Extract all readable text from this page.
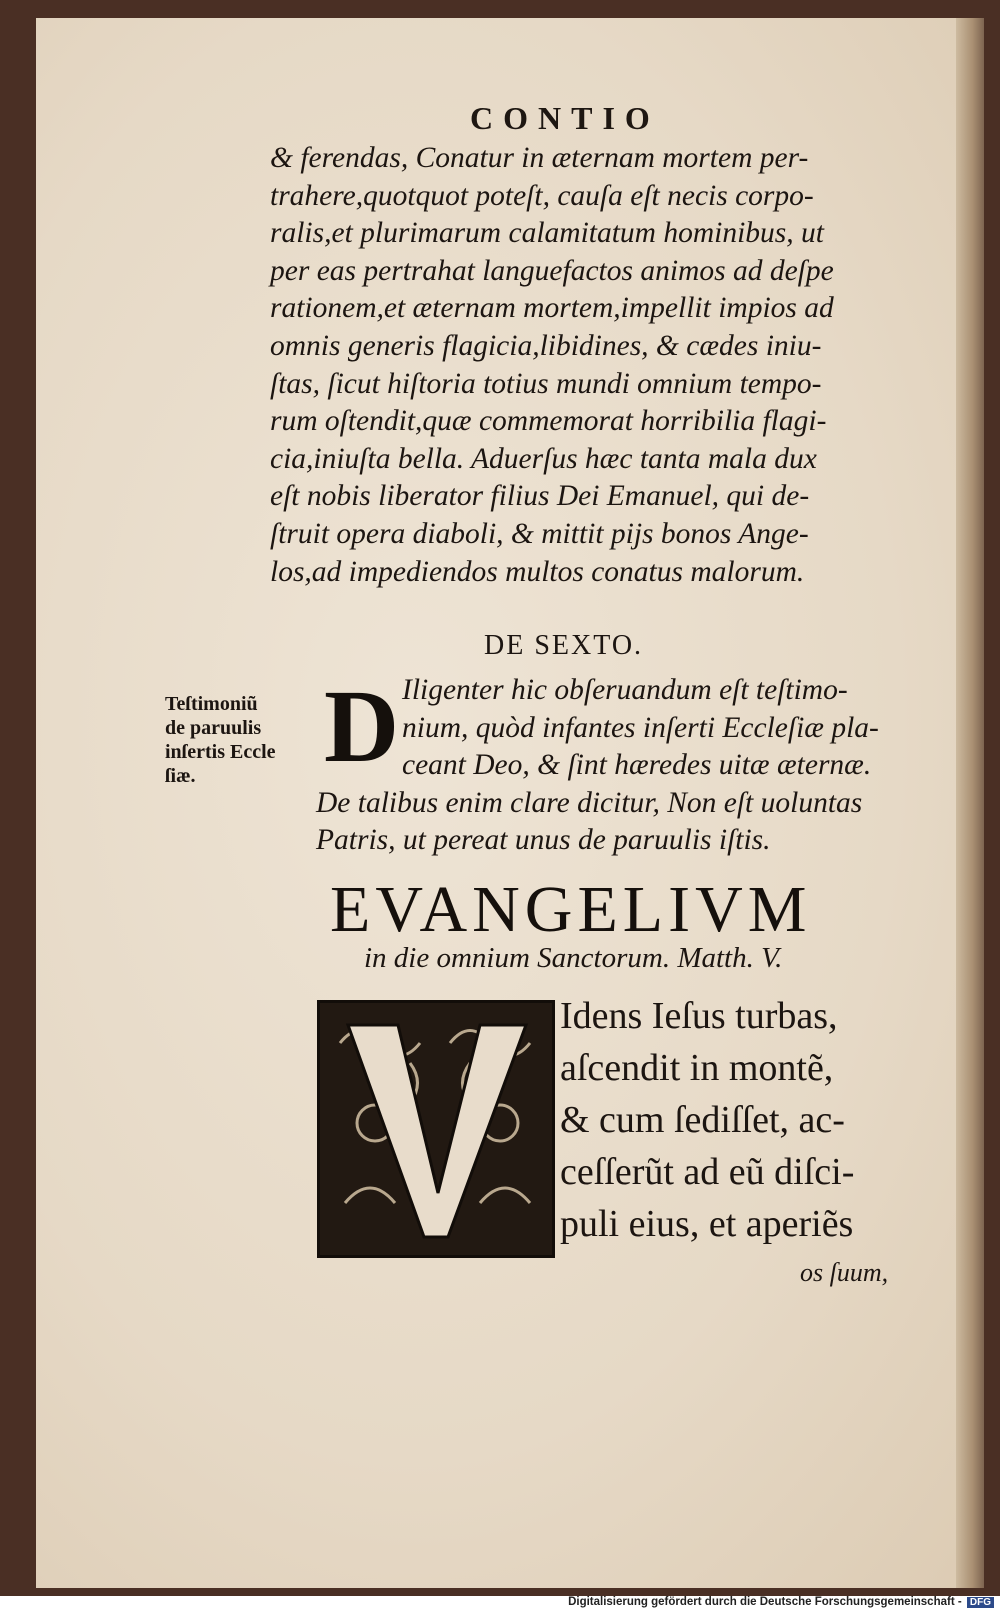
CONTIO
& ferendas, Conatur in æternam mortem per-
trahere,quotquot poteſt, cauſa eſt necis corpo-
ralis,et plurimarum calamitatum hominibus, ut
per eas pertrahat languefactos animos ad deſpe
rationem,et æternam mortem,impellit impios ad
omnis generis flagicia,libidines, & cædes iniu-
ſtas, ſicut hiſtoria totius mundi omnium tempo-
rum oſtendit,quæ commemorat horribilia flagi-
cia,iniuſta bella. Aduerſus hæc tanta mala dux
eſt nobis liberator filius Dei Emanuel, qui de-
ſtruit opera diaboli, & mittit pijs bonos Ange-
los,ad impediendos multos conatus malorum.
DE SEXTO.
D Iligenter hic obſeruandum eſt teſtimo-
nium, quòd infantes inſerti Eccleſiæ pla-
ceant Deo, & ſint hæredes uitæ æternæ.
De talibus enim clare dicitur, Non eſt uoluntas
Patris, ut pereat unus de paruulis iſtis.
Teſtimoniũ
de paruulis
inſertis Eccle
ſiæ.
EVANGELIVM
in die omnium Sanctorum. Matth. V.
Idens Ieſus turbas,
aſcendit in montẽ,
& cum ſediſſet, ac-
ceſſerũt ad eũ diſci-
puli eius, et aperiẽs
os ſuum,
Digitalisierung gefördert durch die Deutsche Forschungsgemeinschaft - DFG
